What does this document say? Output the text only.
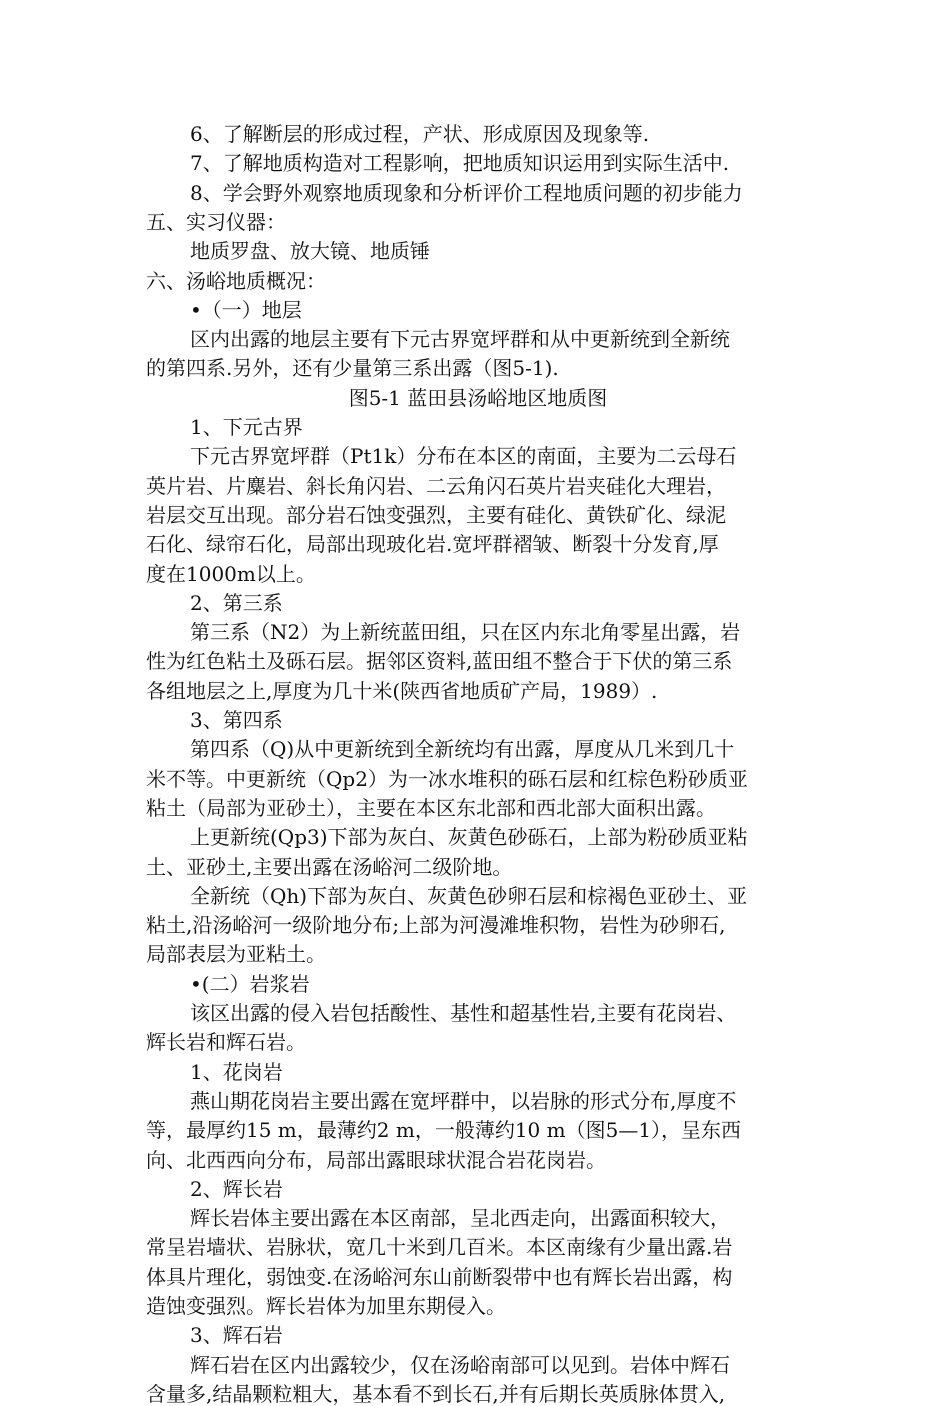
6、了解断层的形成过程，产状、形成原因及现象等.
7、了解地质构造对工程影响，把地质知识运用到实际生活中.
8、学会野外观察地质现象和分析评价工程地质问题的初步能力
五、实习仪器：
地质罗盘、放大镜、地质锤
六、汤峪地质概况：
•（一）地层
区内出露的地层主要有下元古界宽坪群和从中更新统到全新统
的第四系.另外，还有少量第三系出露（图5-1).
图5-1 蓝田县汤峪地区地质图
1、下元古界
下元古界宽坪群（Pt1k）分布在本区的南面，主要为二云母石
英片岩、片麋岩、斜长角闪岩、二云角闪石英片岩夹硅化大理岩，
岩层交互出现。部分岩石蚀变强烈，主要有硅化、黄铁矿化、绿泥
石化、绿帘石化，局部出现玻化岩.宽坪群褶皱、断裂十分发育,厚
度在1000m以上。
2、第三系
第三系（N2）为上新统蓝田组，只在区内东北角零星出露，岩
性为红色粘土及砾石层。据邻区资料,蓝田组不整合于下伏的第三系
各组地层之上,厚度为几十米(陕西省地质矿产局，1989）.
3、第四系
第四系（Q)从中更新统到全新统均有出露，厚度从几米到几十
米不等。中更新统（Qp2）为一冰水堆积的砾石层和红棕色粉砂质亚
粘土（局部为亚砂土），主要在本区东北部和西北部大面积出露。
上更新统(Qp3)下部为灰白、灰黄色砂砾石，上部为粉砂质亚粘
土、亚砂土,主要出露在汤峪河二级阶地。
全新统（Qh)下部为灰白、灰黄色砂卵石层和棕褐色亚砂土、亚
粘土,沿汤峪河一级阶地分布;上部为河漫滩堆积物，岩性为砂卵石,
局部表层为亚粘土。
•(二）岩浆岩
该区出露的侵入岩包括酸性、基性和超基性岩,主要有花岗岩、
辉长岩和辉石岩。
1、花岗岩
燕山期花岗岩主要出露在宽坪群中，以岩脉的形式分布,厚度不
等，最厚约15 m，最薄约2 m，一般薄约10 m（图5—1），呈东西
向、北西西向分布，局部出露眼球状混合岩花岗岩。
2、辉长岩
辉长岩体主要出露在本区南部，呈北西走向，出露面积较大，
常呈岩墙状、岩脉状，宽几十米到几百米。本区南缘有少量出露.岩
体具片理化，弱蚀变.在汤峪河东山前断裂带中也有辉长岩出露，构
造蚀变强烈。辉长岩体为加里东期侵入。
3、辉石岩
辉石岩在区内出露较少，仅在汤峪南部可以见到。岩体中辉石
含量多,结晶颗粒粗大，基本看不到长石,并有后期长英质脉体贯入,
